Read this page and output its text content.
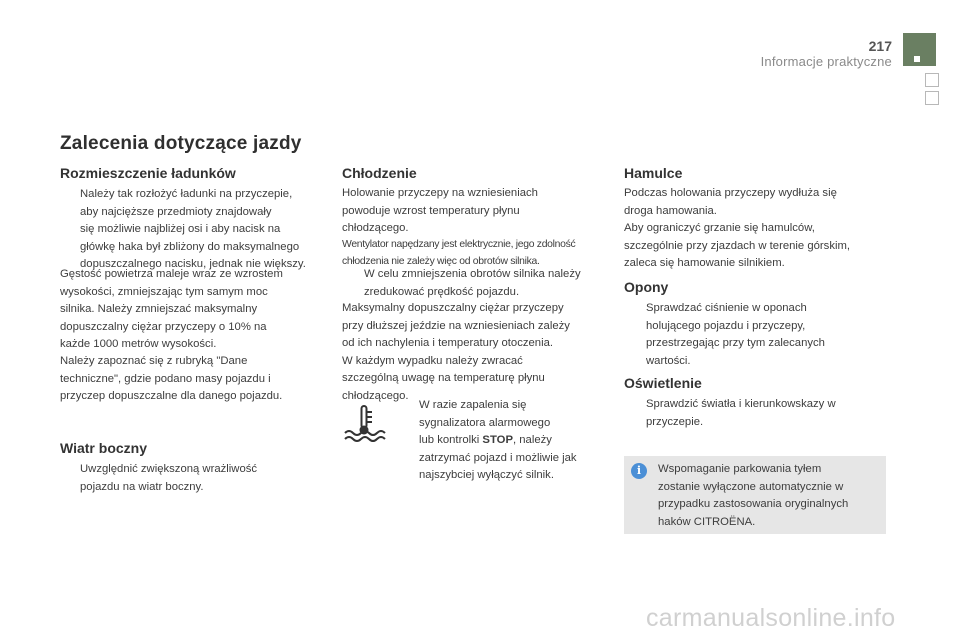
217
Informacje praktyczne
Zalecenia dotyczące jazdy
Rozmieszczenie ładunków
Należy tak rozłożyć ładunki na przyczepie,
aby najcięższe przedmioty znajdowały
się możliwie najbliżej osi i aby nacisk na
główkę haka był zbliżony do maksymalnego
dopuszczalnego nacisku, jednak nie większy.
Gęstość powietrza maleje wraz ze wzrostem
wysokości, zmniejszając tym samym moc
silnika. Należy zmniejszać maksymalny
dopuszczalny ciężar przyczepy o 10% na
każde 1000 metrów wysokości.
Należy zapoznać się z rubryką "Dane
techniczne", gdzie podano masy pojazdu i
przyczep dopuszczalne dla danego pojazdu.
Wiatr boczny
Uwzględnić zwiększoną wrażliwość
pojazdu na wiatr boczny.
Chłodzenie
Holowanie przyczepy na wzniesieniach
powoduje wzrost temperatury płynu
chłodzącego.
Wentylator napędzany jest elektrycznie, jego zdolność
chłodzenia nie zależy więc od obrotów silnika.
W celu zmniejszenia obrotów silnika należy
zredukować prędkość pojazdu.
Maksymalny dopuszczalny ciężar przyczepy
przy dłuższej jeździe na wzniesieniach zależy
od ich nachylenia i temperatury otoczenia.
W każdym wypadku należy zwracać
szczególną uwagę na temperaturę płynu
chłodzącego.
W razie zapalenia się
sygnalizatora alarmowego
lub kontrolki STOP, należy
zatrzymać pojazd i możliwie jak
najszybciej wyłączyć silnik.
Hamulce
Podczas holowania przyczepy wydłuża się
droga hamowania.
Aby ograniczyć grzanie się hamulców,
szczególnie przy zjazdach w terenie górskim,
zaleca się hamowanie silnikiem.
Opony
Sprawdzać ciśnienie w oponach
holującego pojazdu i przyczepy,
przestrzegając przy tym zalecanych
wartości.
Oświetlenie
Sprawdzić światła i kierunkowskazy w
przyczepie.
i	Wspomaganie parkowania tyłem
zostanie wyłączone automatycznie w
przypadku zastosowania oryginalnych
haków CITROËNA.
carmanualsonline.info
